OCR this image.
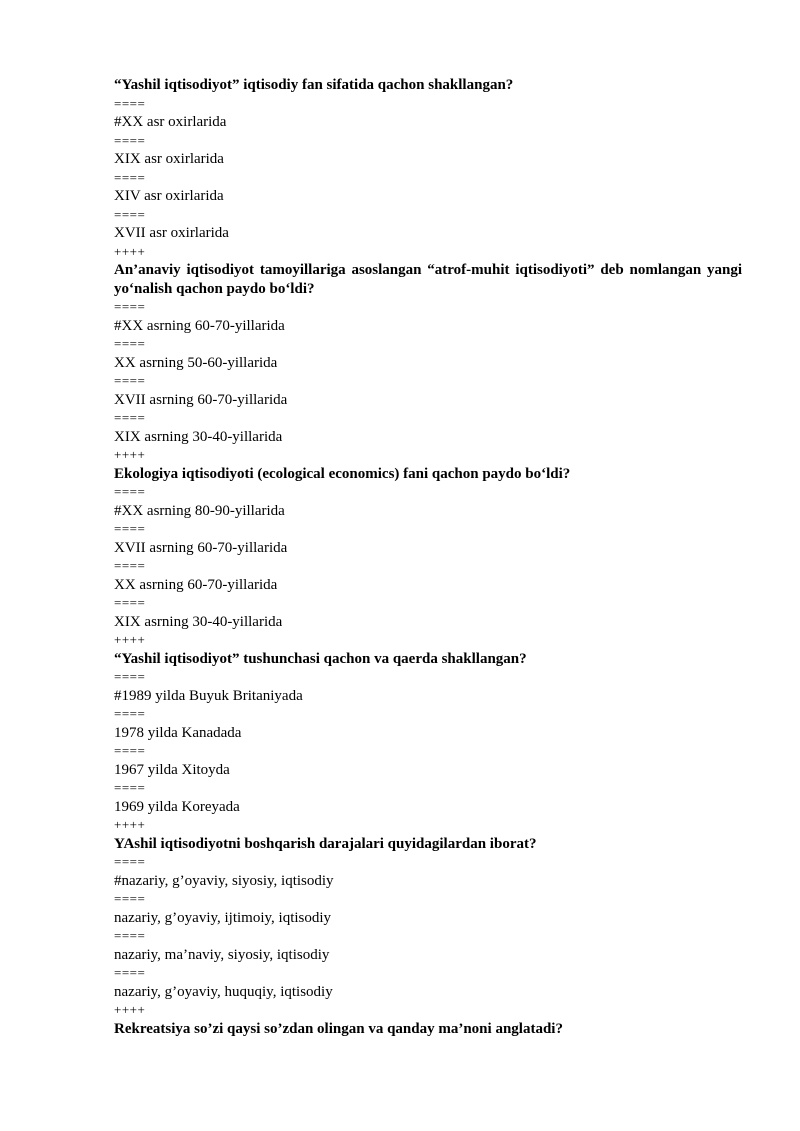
“Yashil iqtisodiyot” iqtisodiy fan sifatida qachon shakllangan?
====
#XX asr oxirlarida
====
XIX asr oxirlarida
====
XIV asr oxirlarida
====
XVII asr oxirlarida
++++
An’anaviy iqtisodiyot tamoyillariga asoslangan “atrof-muhit iqtisodiyoti” deb nomlangan yangi yo‘nalish qachon paydo bo‘ldi?
====
#XX asrning 60-70-yillarida
====
XX asrning 50-60-yillarida
====
XVII asrning 60-70-yillarida
====
XIX asrning 30-40-yillarida
++++
Ekologiya iqtisodiyoti (ecological economics) fani qachon paydo bo‘ldi?
====
#XX asrning 80-90-yillarida
====
XVII asrning 60-70-yillarida
====
XX asrning 60-70-yillarida
====
XIX asrning 30-40-yillarida
++++
“Yashil iqtisodiyot” tushunchasi qachon va qaerda shakllangan?
====
#1989 yilda Buyuk Britaniyada
====
1978 yilda Kanadada
====
1967 yilda Xitoyda
====
1969 yilda Koreyada
++++
YAshil iqtisodiyotni boshqarish darajalari quyidagilardan iborat?
====
#nazariy, g’oyaviy, siyosiy, iqtisodiy
====
nazariy, g’oyaviy, ijtimoiy, iqtisodiy
====
nazariy, ma’naviy, siyosiy, iqtisodiy
====
nazariy, g’oyaviy, huquqiy, iqtisodiy
++++
Rekreatsiya so’zi qaysi so’zdan olingan va qanday ma’noni anglatadi?
